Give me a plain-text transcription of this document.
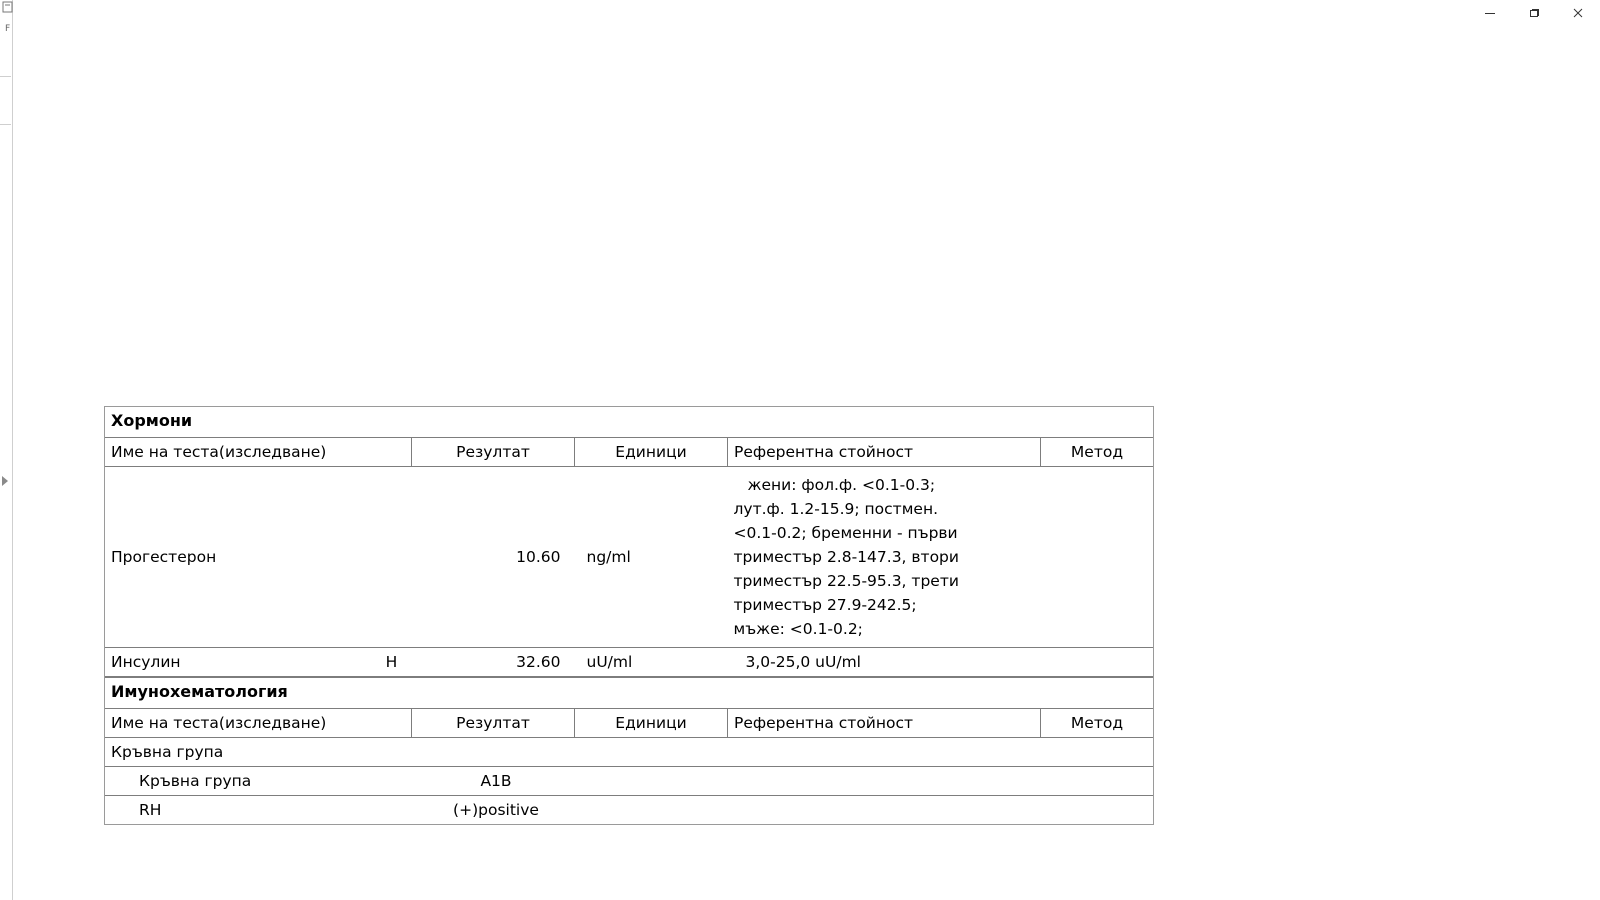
F
Хормони					
Име на теста(изследване)		Резултат	Единици	Референтна стойност	Метод
Прогестерон		10.60	ng/ml	жени: фол.ф. <0.1-0.3;
лут.ф. 1.2-15.9; постмен.
<0.1-0.2; бременни - първи
триместър 2.8-147.3, втори
триместър 22.5-95.3, трети
триместър 27.9-242.5;
мъже: <0.1-0.2;	
Инсулин	H	32.60	uU/ml	3,0-25,0 uU/ml	
Имунохематология					
Име на теста(изследване)		Резултат	Единици	Референтна стойност	Метод
Кръвна група					
Кръвна група		A1B			
RH		(+)positive			
